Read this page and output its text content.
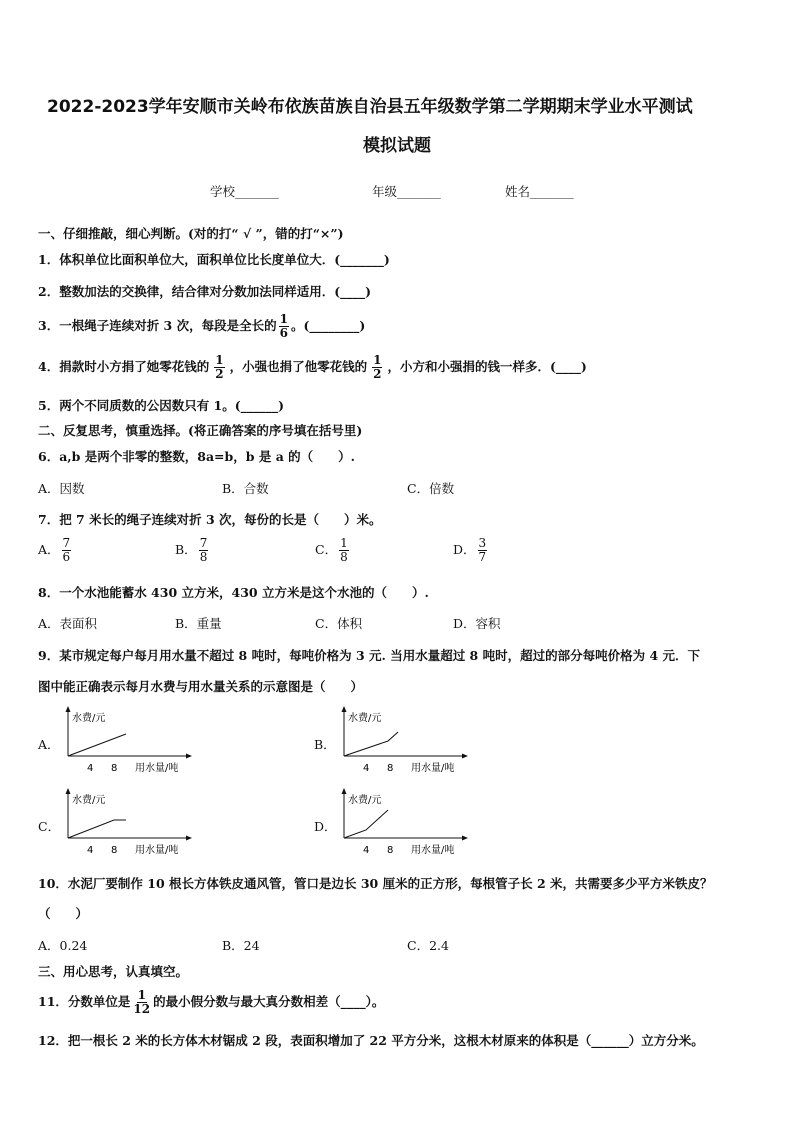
2022-2023学年安顺市关岭布依族苗族自治县五年级数学第二学期期末学业水平测试
模拟试题
学校_______	年级_______	姓名_______
一、仔细推敲，细心判断。(对的打“ √ ”，错的打“×”)
1．体积单位比面积单位大，面积单位比长度单位大．(_______)
2．整数加法的交换律，结合律对分数加法同样适用．(____)
3．一根绳子连续对折 3 次，每段是全长的 $\frac{1}{6}$ 。(________)
4．捐款时小方捐了她零花钱的 $\frac{1}{2}$ ，小强也捐了他零花钱的 $\frac{1}{2}$ ，小方和小强捐的钱一样多．(____)
5．两个不同质数的公因数只有 1。(______)
二、反复思考，慎重选择。(将正确答案的序号填在括号里)
6．a,b 是两个非零的整数，8a=b，b 是 a 的（　　）.
A．因数	B．合数	C．倍数
7．把 7 米长的绳子连续对折 3 次，每份的长是（　　）米。
A． $\frac{7}{6}$	B． $\frac{7}{8}$	C． $\frac{1}{8}$	D． $\frac{3}{7}$
8．一个水池能蓄水 430 立方米，430 立方米是这个水池的（　　）.
A．表面积	B．重量	C．体积	D．容积
9．某市规定每户每月用水量不超过 8 吨时，每吨价格为 3 元. 当用水量超过 8 吨时，超过的部分每吨价格为 4 元．下
图中能正确表示每月水费与用水量关系的示意图是（　　）
A．
水费/元
4 8 用水量/吨
B．
水费/元
4 8 用水量/吨
C．
水费/元
4 8 用水量/吨
D．
水费/元
4 8 用水量/吨
10．水泥厂要制作 10 根长方体铁皮通风管，管口是边长 30 厘米的正方形，每根管子长 2 米，共需要多少平方米铁皮？
（　　）
A．0.24	B．24	C．2.4
三、用心思考，认真填空。
11．分数单位是 $\frac{1}{12}$ 的最小假分数与最大真分数相差（____）。
12．把一根长 2 米的长方体木材锯成 2 段，表面积增加了 22 平方分米，这根木材原来的体积是（______）立方分米。
